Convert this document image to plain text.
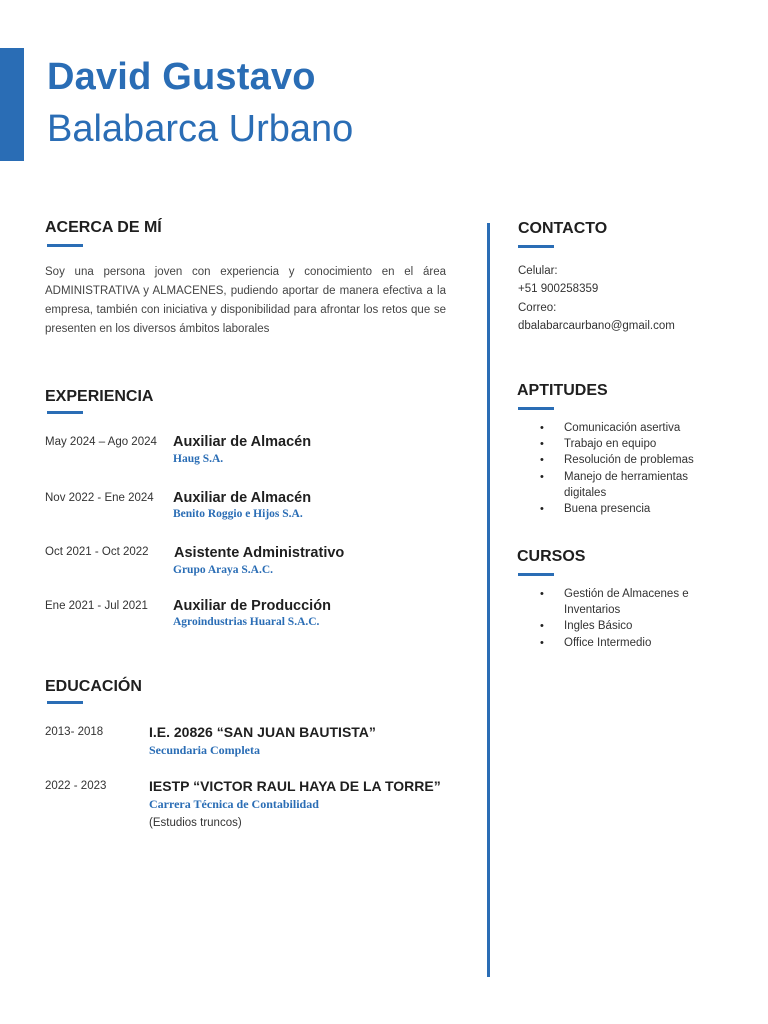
David Gustavo
Balabarca Urbano
ACERCA DE MÍ
Soy una persona joven con experiencia y conocimiento en el área ADMINISTRATIVA y ALMACENES, pudiendo aportar de manera efectiva a la empresa, también con iniciativa y disponibilidad para afrontar los retos que se presenten en los diversos ámbitos laborales
EXPERIENCIA
May 2024 – Ago 2024 Auxiliar de Almacén
Haug S.A.
Nov 2022 - Ene 2024 Auxiliar de Almacén
Benito Roggio e Hijos S.A.
Oct 2021 - Oct 2022 Asistente Administrativo
Grupo Araya S.A.C.
Ene 2021 - Jul 2021 Auxiliar de Producción
Agroindustrias Huaral S.A.C.
EDUCACIÓN
2013- 2018	I.E. 20826 “SAN JUAN BAUTISTA”
Secundaria Completa
2022 - 2023	IESTP “VICTOR RAUL HAYA DE LA TORRE”
Carrera Técnica de Contabilidad
(Estudios truncos)
CONTACTO
Celular:
+51 900258359
Correo:
dbalabarcaurbano@gmail.com
APTITUDES
• Comunicación asertiva
• Trabajo en equipo
• Resolución de problemas
• Manejo de herramientas digitales
• Buena presencia
CURSOS
• Gestión de Almacenes e Inventarios
• Ingles Básico
• Office Intermedio
